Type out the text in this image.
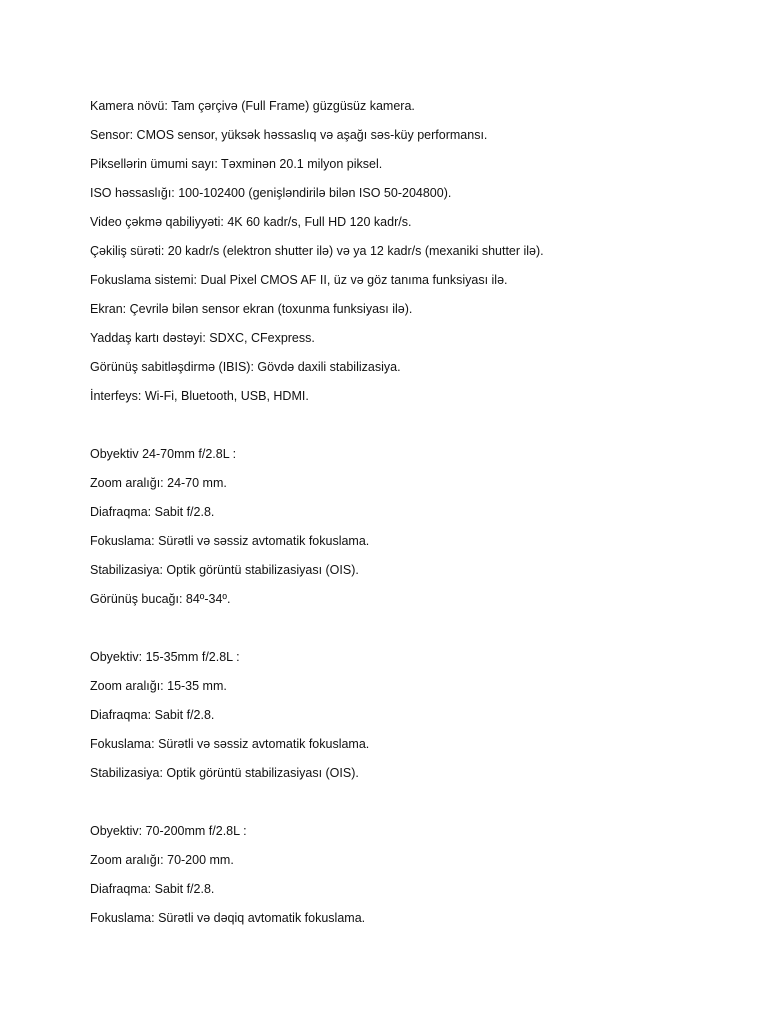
Kamera növü: Tam çərçivə (Full Frame) güzgüsüz kamera.
Sensor: CMOS sensor, yüksək həssaslıq və aşağı səs-küy performansı.
Piksellərin ümumi sayı: Təxminən 20.1 milyon piksel.
ISO həssaslığı: 100-102400 (genişləndirilə bilən ISO 50-204800).
Video çəkmə qabiliyyəti: 4K 60 kadr/s, Full HD 120 kadr/s.
Çəkiliş sürəti: 20 kadr/s (elektron shutter ilə) və ya 12 kadr/s (mexaniki shutter ilə).
Fokuslama sistemi: Dual Pixel CMOS AF II, üz və göz tanıma funksiyası ilə.
Ekran: Çevrilə bilən sensor ekran (toxunma funksiyası ilə).
Yaddaş kartı dəstəyi: SDXC, CFexpress.
Görünüş sabitləşdirmə (IBIS): Gövdə daxili stabilizasiya.
İnterfeys: Wi-Fi, Bluetooth, USB, HDMI.
Obyektiv 24-70mm f/2.8L :
Zoom aralığı: 24-70 mm.
Diafraqma: Sabit f/2.8.
Fokuslama: Sürətli və səssiz avtomatik fokuslama.
Stabilizasiya: Optik görüntü stabilizasiyası (OIS).
Görünüş bucağı: 84º-34º.
Obyektiv: 15-35mm f/2.8L :
Zoom aralığı: 15-35 mm.
Diafraqma: Sabit f/2.8.
Fokuslama: Sürətli və səssiz avtomatik fokuslama.
Stabilizasiya: Optik görüntü stabilizasiyası (OIS).
Obyektiv: 70-200mm f/2.8L :
Zoom aralığı: 70-200 mm.
Diafraqma: Sabit f/2.8.
Fokuslama: Sürətli və dəqiq avtomatik fokuslama.
